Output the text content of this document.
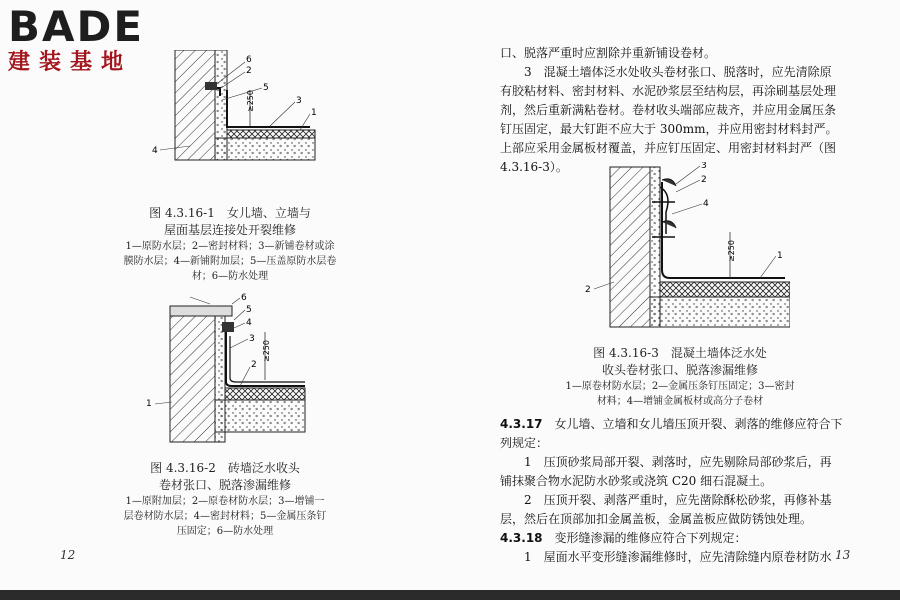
BADE
建装基地
≥250
6
2
5
3
1
4
图 4.3.16-1　女儿墙、立墙与
屋面基层连接处开裂维修
1—原防水层；2—密封材料；3—新铺卷材或涂
膜防水层；4—新铺附加层；5—压盖原防水层卷
材；6—防水处理
≥250
6
5
4
3
2
1
图 4.3.16-2　砖墙泛水收头
卷材张口、脱落渗漏维修
1—原附加层；2—原卷材防水层；3—增铺一
层卷材防水层；4—密封材料；5—金属压条钉
压固定；6—防水处理
12

口、脱落严重时应割除并重新铺设卷材。

3　 混凝土墙体泛水处收头卷材张口、脱落时，应先清除原

有胶粘材料、密封材料、水泥砂浆层至结构层，再涂刷基层处理

剂，然后重新满粘卷材。卷材收头端部应裁齐，并应用金属压条

钉压固定，最大钉距不应大于 300mm，并应用密封材料封严。

上部应采用金属板材覆盖，并应钉压固定、用密封材料封严（图

4.3.16-3）。

≥250
3
2
4
1
2
图 4.3.16-3　混凝土墙体泛水处
收头卷材张口、脱落渗漏维修
1—原卷材防水层；2—金属压条钉压固定；3—密封
材料；4—增铺金属板材或高分子卷材

4.3.17　 女儿墙、立墙和女儿墙压顶开裂、剥落的维修应符合下

列规定：

1　 压顶砂浆局部开裂、剥落时，应先剔除局部砂浆后，再

铺抹聚合物水泥防水砂浆或浇筑 C20 细石混凝土。

2　 压顶开裂、剥落严重时，应先凿除酥松砂浆，再修补基

层，然后在顶部加扣金属盖板，金属盖板应做防锈蚀处理。

4.3.18　 变形缝渗漏的维修应符合下列规定：

1　 屋面水平变形缝渗漏维修时，应先清除缝内原卷材防水 13
